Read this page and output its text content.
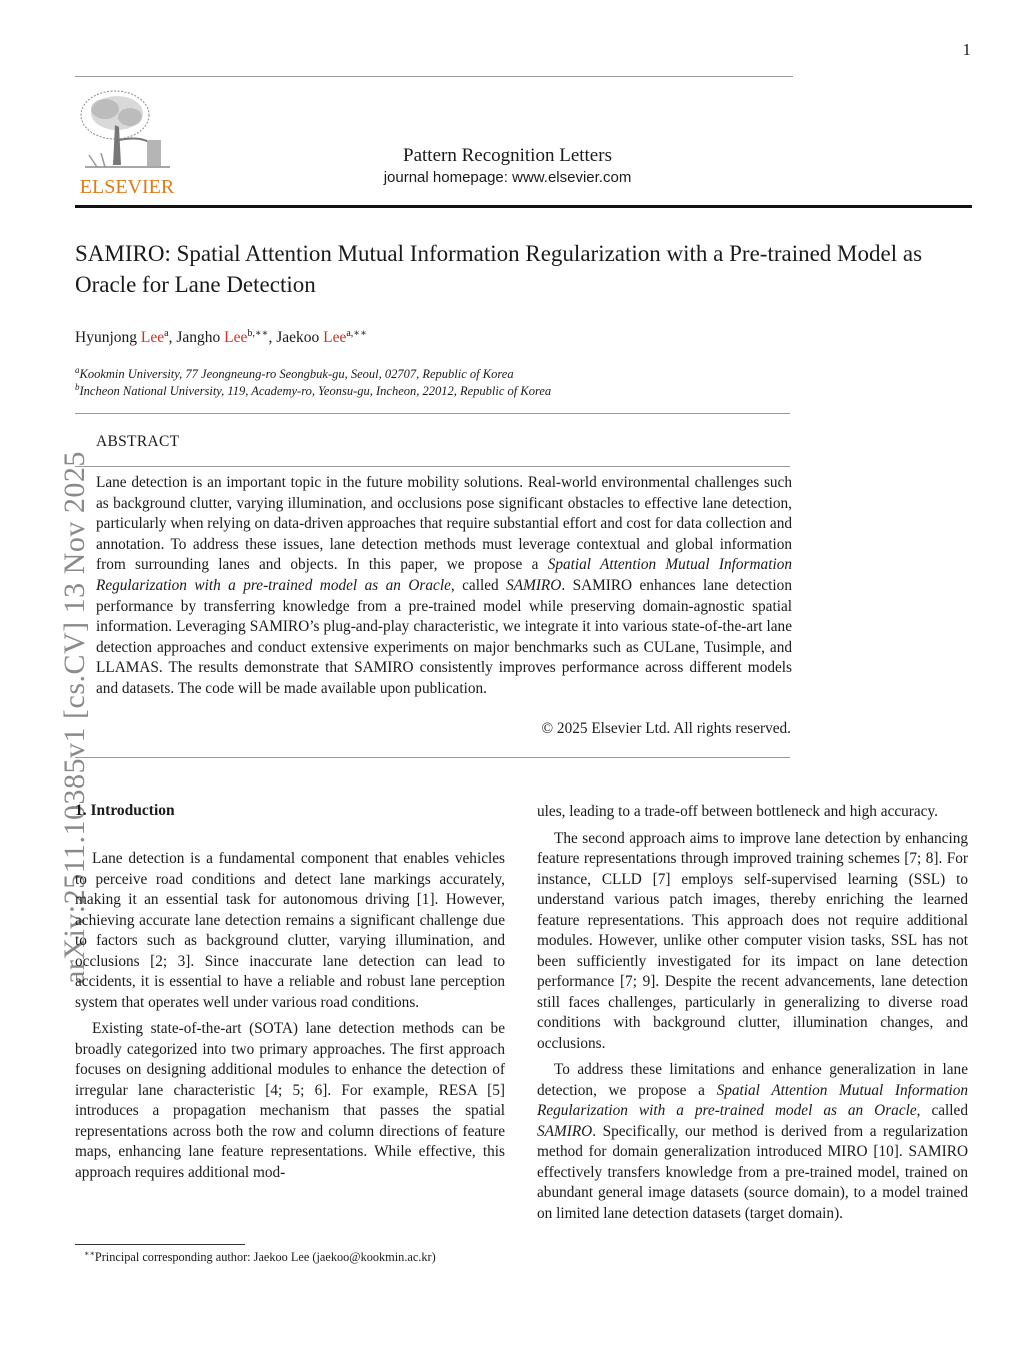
1
ELSEVIER
Pattern Recognition Letters
journal homepage: www.elsevier.com
SAMIRO: Spatial Attention Mutual Information Regularization with a Pre-trained Model as Oracle for Lane Detection
Hyunjong Lee$^a$, Jangho Lee$^{b,∗∗}$, Jaekoo Lee$^{a,∗∗}$
$^a$Kookmin University, 77 Jeongneung-ro Seongbuk-gu, Seoul, 02707, Republic of Korea
$^b$Incheon National University, 119, Academy-ro, Yeonsu-gu, Incheon, 22012, Republic of Korea
ABSTRACT
Lane detection is an important topic in the future mobility solutions. Real-world environmental challenges such as background clutter, varying illumination, and occlusions pose significant obstacles to effective lane detection, particularly when relying on data-driven approaches that require substantial effort and cost for data collection and annotation. To address these issues, lane detection methods must leverage contextual and global information from surrounding lanes and objects. In this paper, we propose a Spatial Attention Mutual Information Regularization with a pre-trained model as an Oracle, called SAMIRO. SAMIRO enhances lane detection performance by transferring knowledge from a pre-trained model while preserving domain-agnostic spatial information. Leveraging SAMIRO’s plug-and-play characteristic, we integrate it into various state-of-the-art lane detection approaches and conduct extensive experiments on major benchmarks such as CULane, Tusimple, and LLAMAS. The results demonstrate that SAMIRO consistently improves performance across different models and datasets. The code will be made available upon publication.
© 2025 Elsevier Ltd. All rights reserved.
arXiv:2511.10385v1 [cs.CV] 13 Nov 2025
1. Introduction

Lane detection is a fundamental component that enables vehicles to perceive road conditions and detect lane markings accurately, making it an essential task for autonomous driving [1]. However, achieving accurate lane detection remains a significant challenge due to factors such as background clutter, varying illumination, and occlusions [2; 3]. Since inaccurate lane detection can lead to accidents, it is essential to have a reliable and robust lane perception system that operates well under various road conditions.

Existing state-of-the-art (SOTA) lane detection methods can be broadly categorized into two primary approaches. The first approach focuses on designing additional modules to enhance the detection of irregular lane characteristic [4; 5; 6]. For example, RESA [5] introduces a propagation mechanism that passes the spatial representations across both the row and column directions of feature maps, enhancing lane feature representations. While effective, this approach requires additional mod-

ules, leading to a trade-off between bottleneck and high accuracy.

The second approach aims to improve lane detection by enhancing feature representations through improved training schemes [7; 8]. For instance, CLLD [7] employs self-supervised learning (SSL) to understand various patch images, thereby enriching the learned feature representations. This approach does not require additional modules. However, unlike other computer vision tasks, SSL has not been sufficiently investigated for its impact on lane detection performance [7; 9]. Despite the recent advancements, lane detection still faces challenges, particularly in generalizing to diverse road conditions with background clutter, illumination changes, and occlusions.

To address these limitations and enhance generalization in lane detection, we propose a Spatial Attention Mutual Information Regularization with a pre-trained model as an Oracle, called SAMIRO. Specifically, our method is derived from a regularization method for domain generalization introduced MIRO [10]. SAMIRO effectively transfers knowledge from a pre-trained model, trained on abundant general image datasets (source domain), to a model trained on limited lane detection datasets (target domain).

∗∗Principal corresponding author: Jaekoo Lee (jaekoo@kookmin.ac.kr)
